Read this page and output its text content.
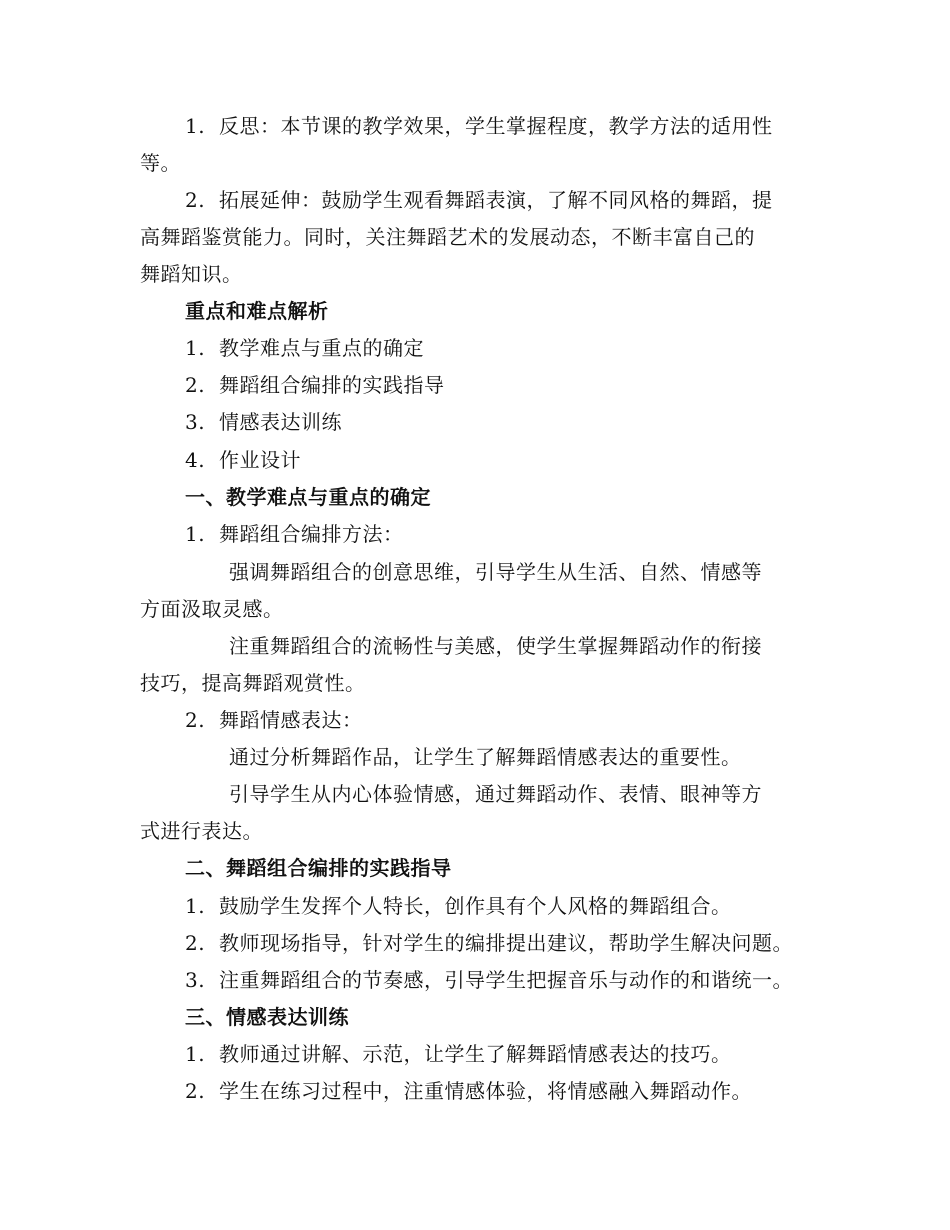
1. 反思：本节课的教学效果，学生掌握程度，教学方法的适用性
等。
2. 拓展延伸：鼓励学生观看舞蹈表演，了解不同风格的舞蹈，提
高舞蹈鉴赏能力。同时，关注舞蹈艺术的发展动态，不断丰富自己的
舞蹈知识。
重点和难点解析
1. 教学难点与重点的确定
2. 舞蹈组合编排的实践指导
3. 情感表达训练
4. 作业设计
一、教学难点与重点的确定
1. 舞蹈组合编排方法：
强调舞蹈组合的创意思维，引导学生从生活、自然、情感等
方面汲取灵感。
注重舞蹈组合的流畅性与美感，使学生掌握舞蹈动作的衔接
技巧，提高舞蹈观赏性。
2. 舞蹈情感表达：
通过分析舞蹈作品，让学生了解舞蹈情感表达的重要性。
引导学生从内心体验情感，通过舞蹈动作、表情、眼神等方
式进行表达。
二、舞蹈组合编排的实践指导
1. 鼓励学生发挥个人特长，创作具有个人风格的舞蹈组合。
2. 教师现场指导，针对学生的编排提出建议，帮助学生解决问题。
3. 注重舞蹈组合的节奏感，引导学生把握音乐与动作的和谐统一。
三、情感表达训练
1. 教师通过讲解、示范，让学生了解舞蹈情感表达的技巧。
2. 学生在练习过程中，注重情感体验，将情感融入舞蹈动作。
